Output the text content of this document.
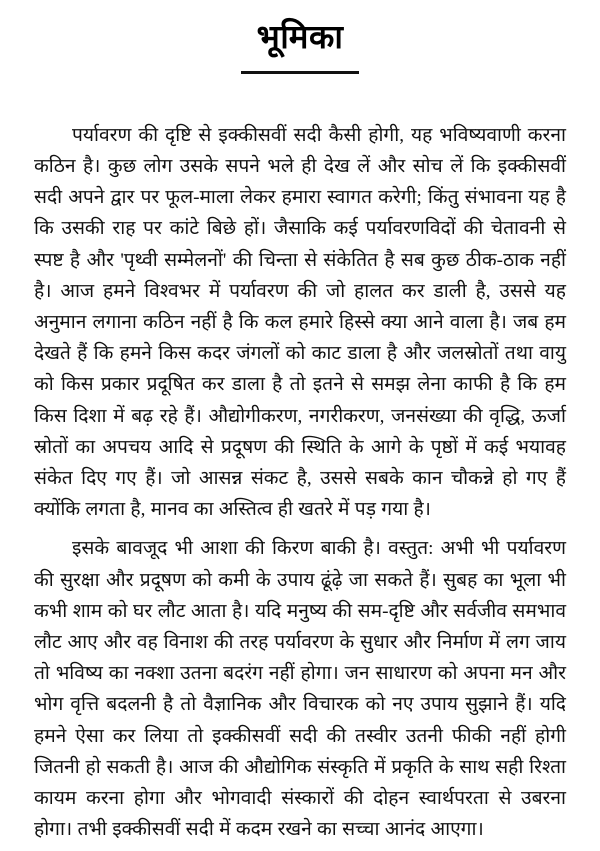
भूमिका

पर्यावरण की दृष्टि से इक्कीसवीं सदी कैसी होगी, यह भविष्यवाणी करना कठिन है। कुछ लोग उसके सपने भले ही देख लें और सोच लें कि इक्कीसवीं सदी अपने द्वार पर फूल-माला लेकर हमारा स्वागत करेगी; किंतु संभावना यह है कि उसकी राह पर कांटे बिछे हों। जैसाकि कई पर्यावरणविदों की चेतावनी से स्पष्ट है और 'पृथ्वी सम्मेलनों' की चिन्ता से संकेतित है सब कुछ ठीक-ठाक नहीं है। आज हमने विश्वभर में पर्यावरण की जो हालत कर डाली है, उससे यह अनुमान लगाना कठिन नहीं है कि कल हमारे हिस्से क्या आने वाला है। जब हम देखते हैं कि हमने किस कदर जंगलों को काट डाला है और जलस्रोतों तथा वायु को किस प्रकार प्रदूषित कर डाला है तो इतने से समझ लेना काफी है कि हम किस दिशा में बढ़ रहे हैं। औद्योगीकरण, नगरीकरण, जनसंख्या की वृद्धि, ऊर्जा स्रोतों का अपचय आदि से प्रदूषण की स्थिति के आगे के पृष्ठों में कई भयावह संकेत दिए गए हैं। जो आसन्न संकट है, उससे सबके कान चौकन्ने हो गए हैं क्योंकि लगता है, मानव का अस्तित्व ही खतरे में पड़ गया है।

इसके बावजूद भी आशा की किरण बाकी है। वस्तुत: अभी भी पर्यावरण की सुरक्षा और प्रदूषण को कमी के उपाय ढूंढ़े जा सकते हैं। सुबह का भूला भी कभी शाम को घर लौट आता है। यदि मनुष्य की सम-दृष्टि और सर्वजीव समभाव लौट आए और वह विनाश की तरह पर्यावरण के सुधार और निर्माण में लग जाय तो भविष्य का नक्शा उतना बदरंग नहीं होगा। जन साधारण को अपना मन और भोग वृत्ति बदलनी है तो वैज्ञानिक और विचारक को नए उपाय सुझाने हैं। यदि हमने ऐसा कर लिया तो इक्कीसवीं सदी की तस्वीर उतनी फीकी नहीं होगी जितनी हो सकती है। आज की औद्योगिक संस्कृति में प्रकृति के साथ सही रिश्ता कायम करना होगा और भोगवादी संस्कारों की दोहन स्वार्थपरता से उबरना होगा। तभी इक्कीसवीं सदी में कदम रखने का सच्चा आनंद आएगा।
